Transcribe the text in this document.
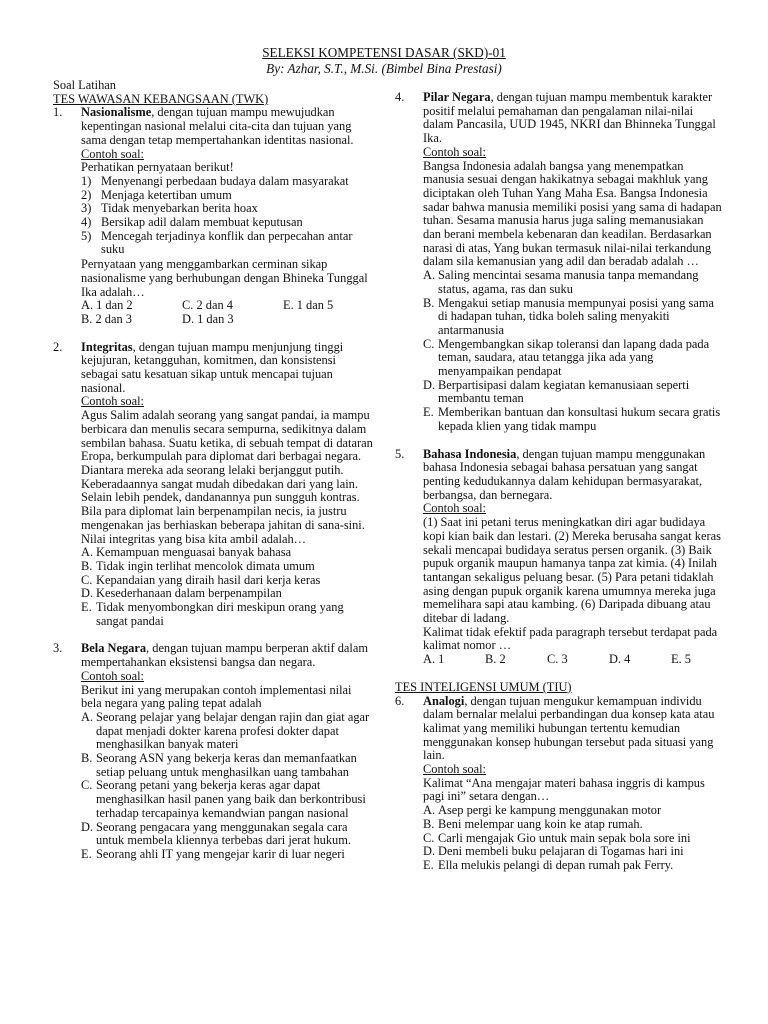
SELEKSI KOMPETENSI DASAR (SKD)-01
By: Azhar, S.T., M.Si. (Bimbel Bina Prestasi)
Soal Latihan
TES WAWASAN KEBANGSAAN (TWK)
1. Nasionalisme, dengan tujuan mampu mewujudkan kepentingan nasional melalui cita-cita dan tujuan yang sama dengan tetap mempertahankan identitas nasional.

Contoh soal:
Perhatikan pernyataan berikut!
1) Menyenangi perbedaan budaya dalam masyarakat
2) Menjaga ketertiban umum
3) Tidak menyebarkan berita hoax
4) Bersikap adil dalam membuat keputusan
5) Mencegah terjadinya konflik dan perpecahan antar suku

Pernyataan yang menggambarkan cerminan sikap nasionalisme yang berhubungan dengan Bhineka Tunggal Ika adalah…

A. 1 dan 2	C. 2 dan 4	E. 1 dan 5
B. 2 dan 3	D. 1 dan 3
2. Integritas, dengan tujuan mampu menjunjung tinggi kejujuran, ketangguhan, komitmen, dan konsistensi sebagai satu kesatuan sikap untuk mencapai tujuan nasional.

Contoh soal:

Agus Salim adalah seorang yang sangat pandai, ia mampu berbicara dan menulis secara sempurna, sedikitnya dalam sembilan bahasa. Suatu ketika, di sebuah tempat di dataran Eropa, berkumpulah para diplomat dari berbagai negara. Diantara mereka ada seorang lelaki berjanggut putih. Keberadaannya sangat mudah dibedakan dari yang lain. Selain lebih pendek, dandanannya pun sungguh kontras. Bila para diplomat lain berpenampilan necis, ia justru mengenakan jas berhiaskan beberapa jahitan di sana-sini. Nilai integritas yang bisa kita ambil adalah…

A. Kemampuan menguasai banyak bahasa
B. Tidak ingin terlihat mencolok dimata umum
C. Kepandaian yang diraih hasil dari kerja keras
D. Kesederhanaan dalam berpenampilan
E. Tidak menyombongkan diri meskipun orang yang sangat pandai
3. Bela Negara, dengan tujuan mampu berperan aktif dalam mempertahankan eksistensi bangsa dan negara.

Contoh soal:

Berikut ini yang merupakan contoh implementasi nilai bela negara yang paling tepat adalah

A. Seorang pelajar yang belajar dengan rajin dan giat agar dapat menjadi dokter karena profesi dokter dapat menghasilkan banyak materi
B. Seorang ASN yang bekerja keras dan memanfaatkan setiap peluang untuk menghasilkan uang tambahan
C. Seorang petani yang bekerja keras agar dapat menghasilkan hasil panen yang baik dan berkontribusi terhadap tercapainya kemandwian pangan nasional
D. Seorang pengacara yang menggunakan segala cara untuk membela kliennya terbebas dari jerat hukum.
E. Seorang ahli IT yang mengejar karir di luar negeri
4. Pilar Negara, dengan tujuan mampu membentuk karakter positif melalui pemahaman dan pengalaman nilai-nilai dalam Pancasila, UUD 1945, NKRI dan Bhinneka Tunggal Ika.

Contoh soal:

Bangsa Indonesia adalah bangsa yang menempatkan manusia sesuai dengan hakikatnya sebagai makhluk yang diciptakan oleh Tuhan Yang Maha Esa. Bangsa Indonesia sadar bahwa manusia memiliki posisi yang sama di hadapan tuhan. Sesama manusia harus juga saling memanusiakan dan berani membela kebenaran dan keadilan. Berdasarkan narasi di atas, Yang bukan termasuk nilai-nilai terkandung dalam sila kemanusian yang adil dan beradab adalah …

A. Saling mencintai sesama manusia tanpa memandang status, agama, ras dan suku
B. Mengakui setiap manusia mempunyai posisi yang sama di hadapan tuhan, tidka boleh saling menyakiti antarmanusia
C. Mengembangkan sikap toleransi dan lapang dada pada teman, saudara, atau tetangga jika ada yang menyampaikan pendapat
D. Berpartisipasi dalam kegiatan kemanusiaan seperti membantu teman
E. Memberikan bantuan dan konsultasi hukum secara gratis kepada klien yang tidak mampu
5. Bahasa Indonesia, dengan tujuan mampu menggunakan bahasa Indonesia sebagai bahasa persatuan yang sangat penting kedudukannya dalam kehidupan bermasyarakat, berbangsa, dan bernegara.

Contoh soal:

(1) Saat ini petani terus meningkatkan diri agar budidaya kopi kian baik dan lestari. (2) Mereka berusaha sangat keras sekali mencapai budidaya seratus persen organik. (3) Baik pupuk organik maupun hamanya tanpa zat kimia. (4) Inilah tantangan sekaligus peluang besar. (5) Para petani tidaklah asing dengan pupuk organik karena umumnya mereka juga memelihara sapi atau kambing. (6) Daripada dibuang atau ditebar di ladang.

Kalimat tidak efektif pada paragraph tersebut terdapat pada kalimat nomor …

A. 1	B. 2	C. 3	D. 4	E. 5
TES INTELIGENSI UMUM (TIU)
6. Analogi, dengan tujuan mengukur kemampuan individu dalam bernalar melalui perbandingan dua konsep kata atau kalimat yang memiliki hubungan tertentu kemudian menggunakan konsep hubungan tersebut pada situasi yang lain.

Contoh soal:

Kalimat “Ana mengajar materi bahasa inggris di kampus pagi ini” setara dengan…

A. Asep pergi ke kampung menggunakan motor
B. Beni melempar uang koin ke atap rumah.
C. Carli mengajak Gio untuk main sepak bola sore ini
D. Deni membeli buku pelajaran di Togamas hari ini
E. Ella melukis pelangi di depan rumah pak Ferry.
